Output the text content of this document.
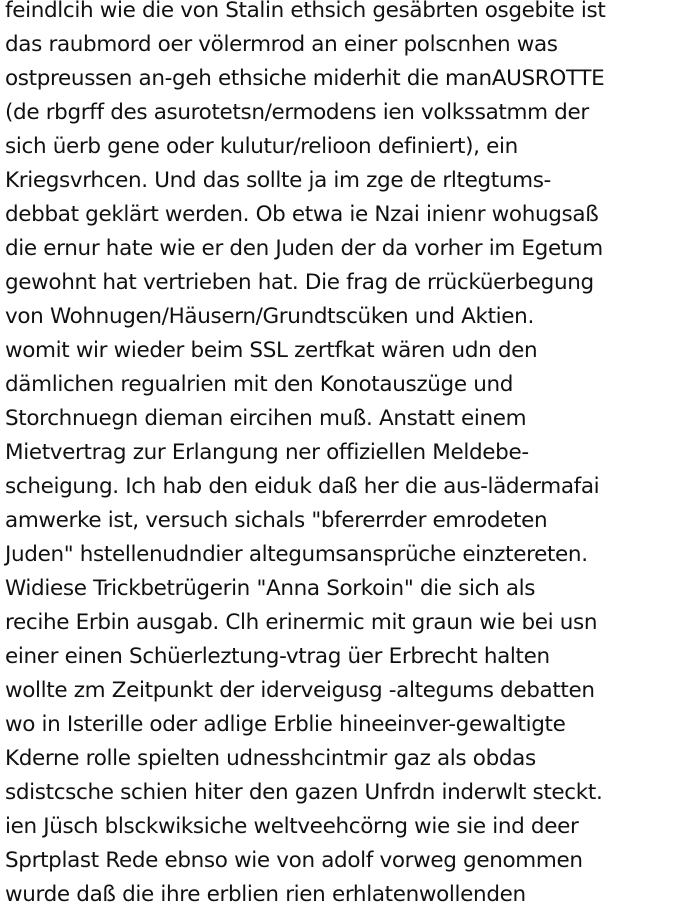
feindlcih wie die von Stalin ethsich gesäbrten osgebite ist
das raubmord oer völermrod an einer polscnhen was
ostpreussen an-geh ethsiche miderhit die manAUSROTTE
(de rbgrff des asurotetsn/ermodens ien volkssatmm der
sich üerb gene oder kulutur/relioon definiert), ein
Kriegsvrhcen. Und das sollte ja im zge de rltegtums-
debbat geklärt werden. Ob etwa ie Nzai inienr wohugsaß
die ernur hate wie er den Juden der da vorher im Egetum
gewohnt hat vertrieben hat. Die frag de rrücküerbegung
von Wohnugen/Häusern/Grundtscüken und Aktien.
womit wir wieder beim SSL zertfkat wären udn den
dämlichen regualrien mit den Konotauszüge und
Storchnuegn dieman eircihen muß. Anstatt einem
Mietvertrag zur Erlangung ner offiziellen Meldebe-
scheigung. Ich hab den eiduk daß her die aus-lädermafai
amwerke ist, versuch sichals "bfererrder emrodeten
Juden" hstellenudndier altegumsansprüche einztereten.
Widiese Trickbetrügerin "Anna Sorkoin" die sich als
recihe Erbin ausgab. Clh erinermic mit graun wie bei usn
einer einen Schüerleztung-vtrag üer Erbrecht halten
wollte zm Zeitpunkt der iderveigusg -altegums debatten
wo in Isterille oder adlige Erblie hineeinver-gewaltigte
Kderne rolle spielten udnesshcintmir gaz als obdas
sdistcsche schien hiter den gazen Unfrdn inderwlt steckt.
ien Jüsch blsckwiksiche weltveehcörng wie sie ind deer
Sprtplast Rede ebnso wie von adolf vorweg genommen
wurde daß die ihre erblien rien erhlatenwollenden
